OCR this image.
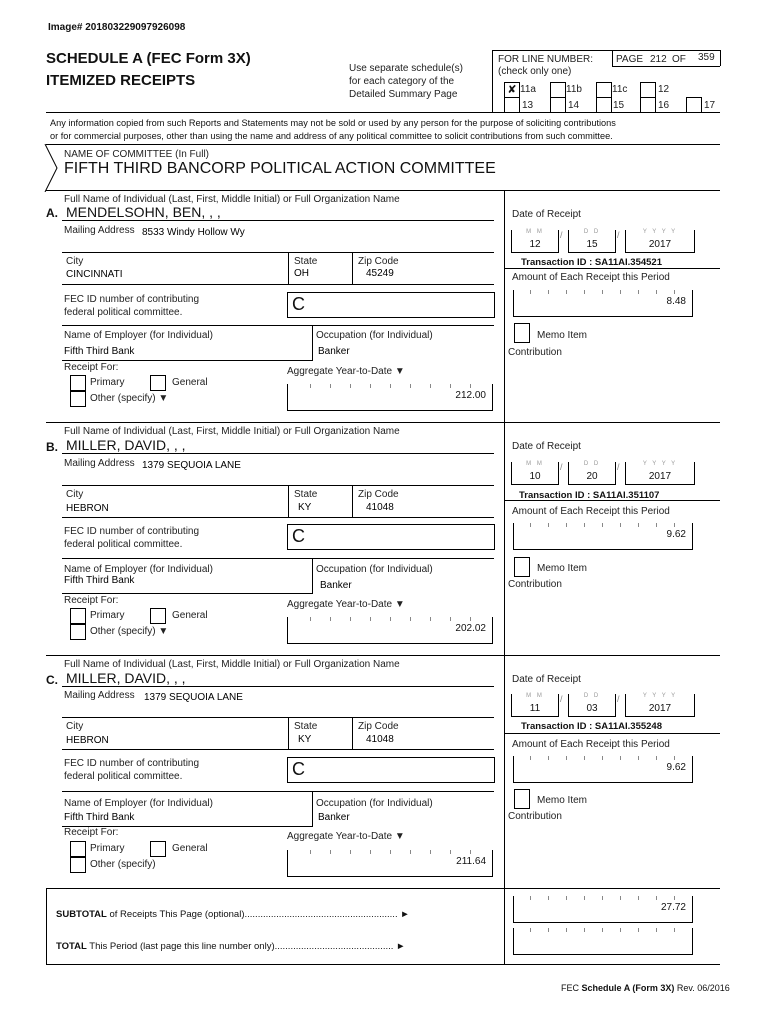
Image# 201803229097926098
SCHEDULE A (FEC Form 3X)
ITEMIZED RECEIPTS
Use separate schedule(s)
for each category of the
Detailed Summary Page
FOR LINE NUMBER:
(check only one)
PAGE 212 OF 359
✘ 11a	11b	11c	12
13	14	15	16	17
Any information copied from such Reports and Statements may not be sold or used by any person for the purpose of soliciting contributions
or for commercial purposes, other than using the name and address of any political committee to solicit contributions from such committee.
NAME OF COMMITTEE (In Full)
FIFTH THIRD BANCORP POLITICAL ACTION COMMITTEE
Full Name of Individual (Last, First, Middle Initial) or Full Organization Name
A. MENDELSOHN, BEN, , ,
Mailing Address 8533 Windy Hollow Wy
City
CINCINNATI
State
OH
Zip Code
45249
FEC ID number of contributing
federal political committee.	C
Name of Employer (for Individual)
Fifth Third Bank
Occupation (for Individual)
Banker
Receipt For:
Primary	General
Other (specify) ▼
Aggregate Year-to-Date ▼
212.00
Date of Receipt
M M
12
/	D D
15
/	Y Y Y Y
2017
Transaction ID : SA11AI.354521
Amount of Each Receipt this Period
8.48
Memo Item
Contribution
Full Name of Individual (Last, First, Middle Initial) or Full Organization Name
B. MILLER, DAVID, , ,
Mailing Address 1379 SEQUOIA LANE
City
HEBRON
State
KY
Zip Code
41048
FEC ID number of contributing
federal political committee.	C
Name of Employer (for Individual)
Fifth Third Bank
Occupation (for Individual)
Banker
Receipt For:
Primary	General
Other (specify) ▼
Aggregate Year-to-Date ▼
202.02
Date of Receipt
M M
10
/	D D
20
/	Y Y Y Y
2017
Transaction ID : SA11AI.351107
Amount of Each Receipt this Period
9.62
Memo Item
Contribution
Full Name of Individual (Last, First, Middle Initial) or Full Organization Name
C. MILLER, DAVID, , ,
Mailing Address 1379 SEQUOIA LANE
City
HEBRON
State
KY
Zip Code
41048
FEC ID number of contributing
federal political committee.	C
Name of Employer (for Individual)
Fifth Third Bank
Occupation (for Individual)
Banker
Receipt For:
Primary	General
Other (specify)
Aggregate Year-to-Date ▼
211.64
Date of Receipt
M M
11
/	D D
03
/	Y Y Y Y
2017
Transaction ID : SA11AI.355248
Amount of Each Receipt this Period
9.62
Memo Item
Contribution
SUBTOTAL of Receipts This Page (optional).......................................................... ►
27.72
TOTAL This Period (last page this line number only)............................................. ►
FEC Schedule A (Form 3X) Rev. 06/2016
